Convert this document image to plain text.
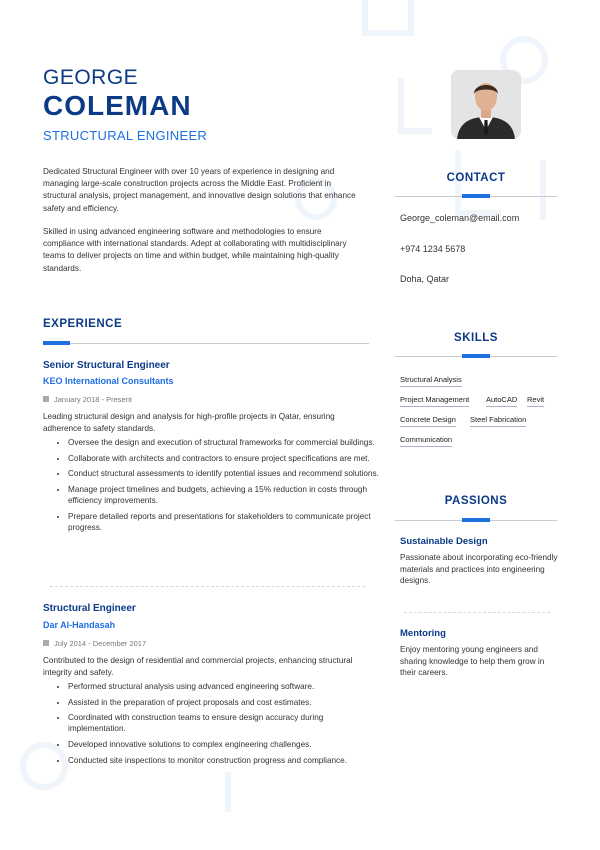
GEORGE
COLEMAN
STRUCTURAL ENGINEER

Dedicated Structural Engineer with over 10 years of experience in designing and managing large-scale construction projects across the Middle East. Proficient in structural analysis, project management, and innovative design solutions that enhance safety and efficiency.

Skilled in using advanced engineering software and methodologies to ensure compliance with international standards. Adept at collaborating with multidisciplinary teams to deliver projects on time and within budget, while maintaining high-quality standards.

EXPERIENCE
Senior Structural Engineer
KEO International Consultants
January 2018 - Present

Leading structural design and analysis for high-profile projects in Qatar, ensuring adherence to safety standards.

• Oversee the design and execution of structural frameworks for commercial buildings.
• Collaborate with architects and contractors to ensure project specifications are met.
• Conduct structural assessments to identify potential issues and recommend solutions.
• Manage project timelines and budgets, achieving a 15% reduction in costs through efficiency improvements.
• Prepare detailed reports and presentations for stakeholders to communicate project progress.
Structural Engineer
Dar Al-Handasah
July 2014 - December 2017

Contributed to the design of residential and commercial projects, enhancing structural integrity and safety.

• Performed structural analysis using advanced engineering software.
• Assisted in the preparation of project proposals and cost estimates.
• Coordinated with construction teams to ensure design accuracy during implementation.
• Developed innovative solutions to complex engineering challenges.
• Conducted site inspections to monitor construction progress and compliance.
CONTACT
George_coleman@email.com
+974 1234 5678
Doha, Qatar
SKILLS
Structural Analysis
Project Management AutoCAD Revit
Concrete Design Steel Fabrication
Communication
PASSIONS
Sustainable Design

Passionate about incorporating eco-friendly materials and practices into engineering designs.

Mentoring

Enjoy mentoring young engineers and sharing knowledge to help them grow in their careers.
